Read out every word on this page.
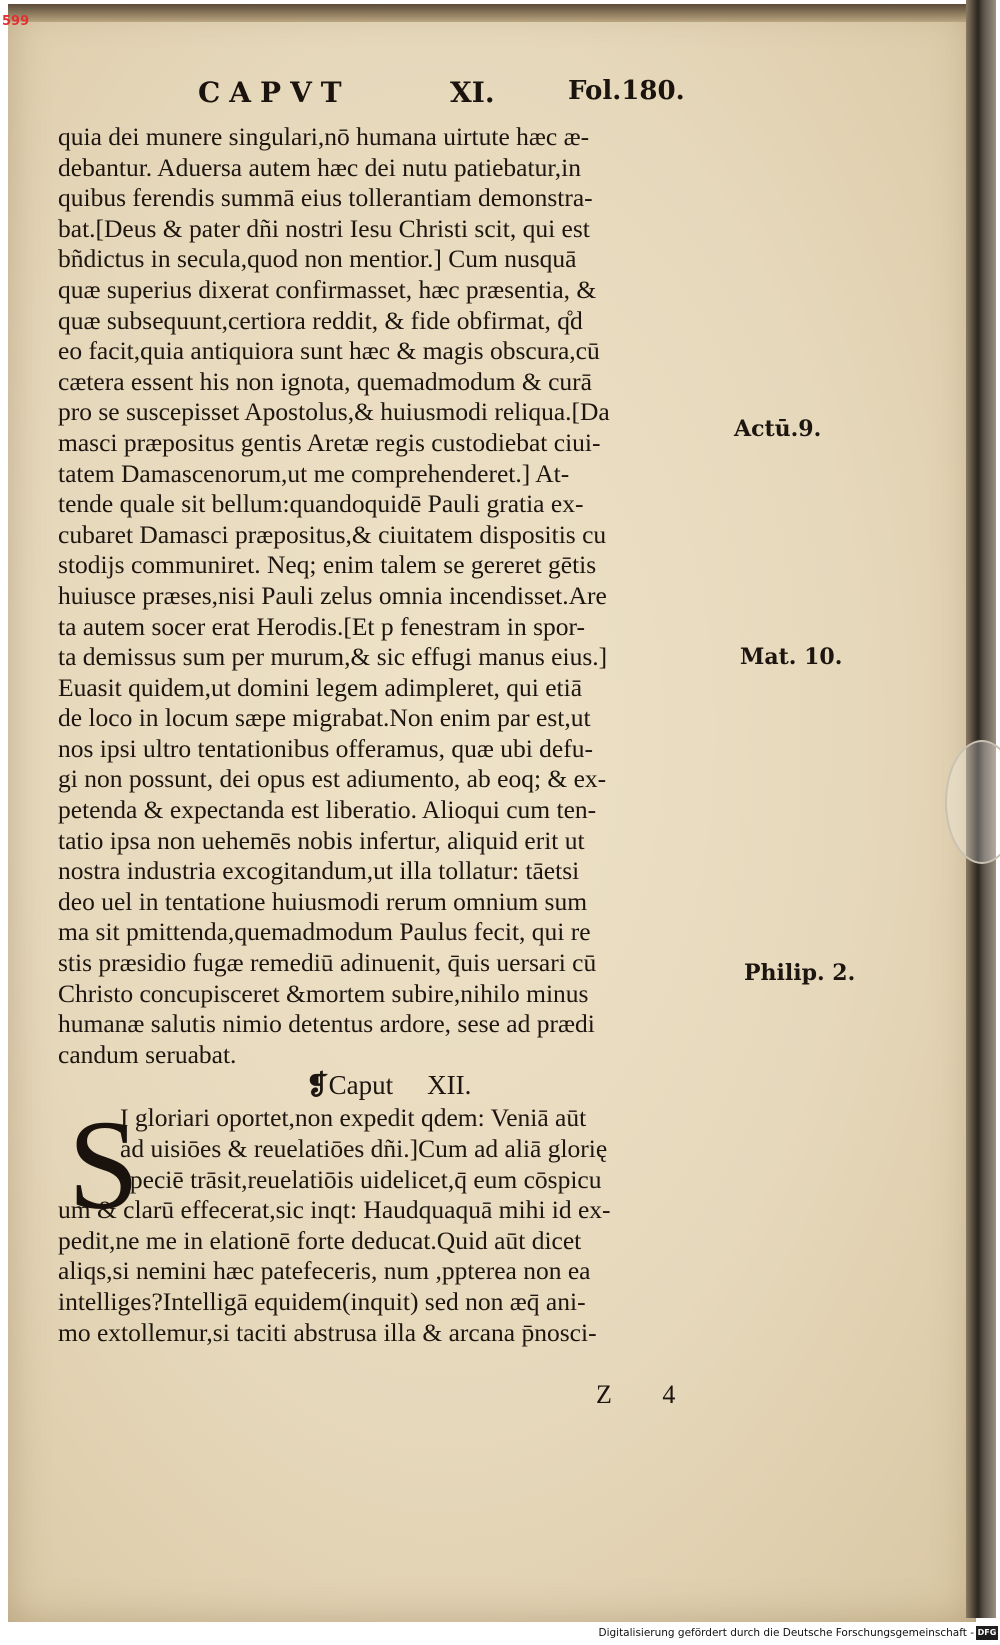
CAPVT	XI.	Fol.180.
quia dei munere singulari,nō humana uirtute hæc æ-
debantur. Aduersa autem hæc dei nutu patiebatur,in
quibus ferendis summā eius tollerantiam demonstra-
bat.[Deus & pater dñi nostri Iesu Christi scit, qui est
bñdictus in secula,quod non mentior.] Cum nusquā
quæ superius dixerat confirmasset, hæc præsentia, &
quæ subsequunt,certiora reddit, & fide obfirmat, q̊d
eo facit,quia antiquiora sunt hæc & magis obscura,cū
cætera essent his non ignota, quemadmodum & curā
pro se suscepisset Apostolus,& huiusmodi reliqua.[Da
masci præpositus gentis Aretæ regis custodiebat ciui-
tatem Damascenorum,ut me comprehenderet.] At-
tende quale sit bellum:quandoquidē Pauli gratia ex-
cubaret Damasci præpositus,& ciuitatem dispositis cu
stodijs communiret. Neq; enim talem se gereret gētis
huiusce præses,nisi Pauli zelus omnia incendisset.Are
ta autem socer erat Herodis.[Et p fenestram in spor-
ta demissus sum per murum,& sic effugi manus eius.]
Euasit quidem,ut domini legem adimpleret, qui etiā
de loco in locum sæpe migrabat.Non enim par est,ut
nos ipsi ultro tentationibus offeramus, quæ ubi defu-
gi non possunt, dei opus est adiumento, ab eoq; & ex-
petenda & expectanda est liberatio. Alioqui cum ten-
tatio ipsa non uehemēs nobis infertur, aliquid erit ut
nostra industria excogitandum,ut illa tollatur: tāetsi
deo uel in tentatione huiusmodi rerum omnium sum
ma sit pmittenda,quemadmodum Paulus fecit, qui re
stis præsidio fugæ remediū adinuenit, q̄uis uersari cū
Christo concupisceret &mortem subire,nihilo minus
humanæ salutis nimio detentus ardore, sese ad prædi
candum seruabat.
❡Caput XII.
S
I gloriari oportet,non expedit qdem: Veniā aūt
ad uisiōes & reuelatiōes dñi.]Cum ad aliā glorię
speciē trāsit,reuelatiōis uidelicet,q̄ eum cōspicu
um & clarū effecerat,sic inqt: Haudquaquā mihi id ex-
pedit,ne me in elationē forte deducat.Quid aūt dicet
aliqs,si nemini hæc patefeceris, num ,ppterea non ea
intelliges?Intelligā equidem(inquit) sed non æq̄ ani-
mo extollemur,si taciti abstrusa illa & arcana p̄nosci-
Actū.9.
Mat. 10.
Philip. 2.
Z 4
599
Digitalisierung gefördert durch die Deutsche Forschungsgemeinschaft - DFG
